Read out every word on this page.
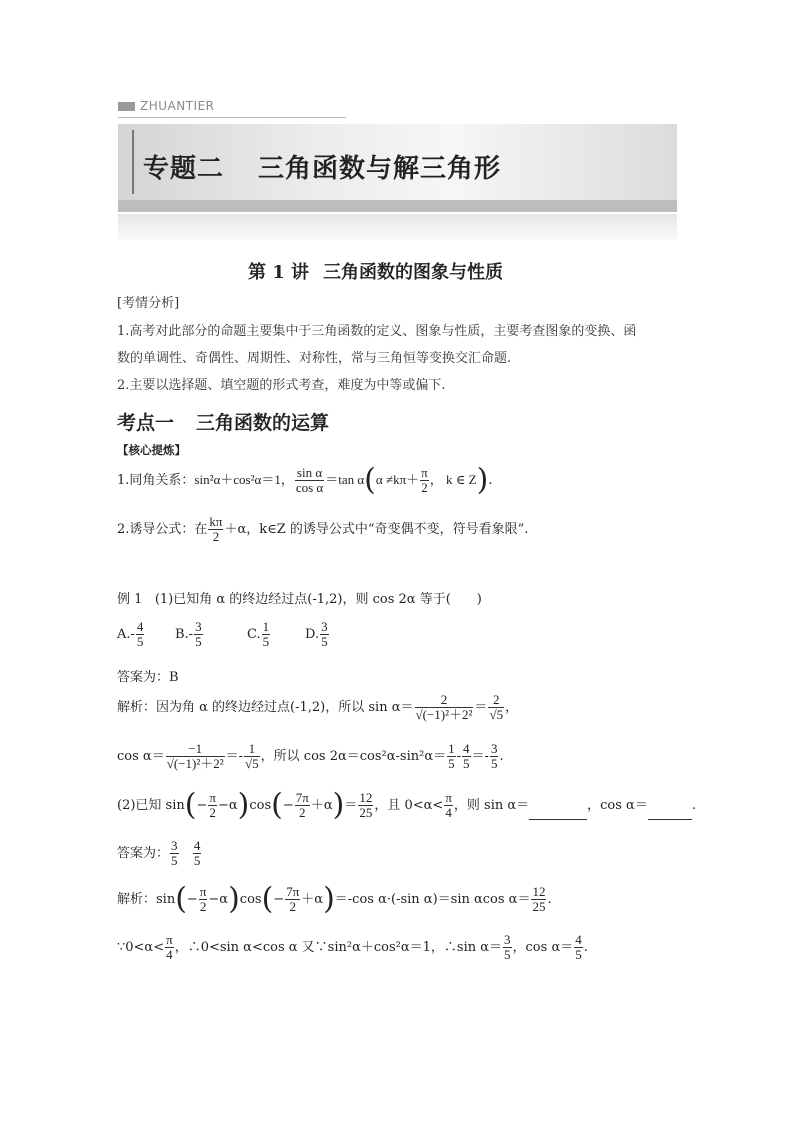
ZHUANTIER
专题二 三角函数与解三角形
第 1 讲 三角函数的图象与性质
[考情分析]
1.高考对此部分的命题主要集中于三角函数的定义、图象与性质，主要考查图象的变换、函
数的单调性、奇偶性、周期性、对称性，常与三角恒等变换交汇命题.
2.主要以选择题、填空题的形式考查，难度为中等或偏下.
考点一 三角函数的运算
【核心提炼】
1.同角关系：sin²α＋cos²α＝1， $\frac{\text{sin α}}{\text{cos α}} =\tan$ $\alpha(\alpha \ne k\pi+ \frac{\pi}{2}$ ， k ∈ Z).
2.诱导公式：在 $\frac{k\pi}{2} +\alpha$，k∈Z 的诱导公式中“奇变偶不变，符号看象限”.
例 1 (1)已知角 α 的终边经过点(-1,2)，则 cos 2α 等于(　　)
$A.- \frac{4}{5} B.- \frac{3}{5}$	C. $\frac{1}{5}$	D. $\frac{3}{5}$
答案为：B
解析：因为角 α 的终边经过点(-1,2)，所以 $\sin \alpha= \frac{2}{\text{√(−1)²＋2²}} = \frac{2}{√5}$ ，
$\cos \alpha= \frac{-1}{\text{√(−1)²＋2²}} =- \frac{1}{√5}$ ，所以 $\cos 2\alpha=\cos^2\alpha-\sin^2\alpha= \frac{1}{5} - \frac{4}{5} =- \frac{3}{5}$ .
(2)已知 $\sin(- \frac{\pi}{2} -\alpha)\cos(- \frac{7\pi}{2} +\alpha)= \frac{12}{25}$ ，且 $0<\alpha< \frac{\pi}{4}$ ，则 sin α＝	，cos α＝	.
答案为： $\frac{3}{5}$
$\frac{4}{5}$
解析：$\sin(- \frac{\pi}{2} -\alpha)\cos(- \frac{7\pi}{2} +\alpha)=-\cos$ α·(-sin α)＝sin αcos $\alpha= \frac{12}{25}$ .
∵0<α< $\frac{\pi}{4}$ ，∴0<sin α<cos α 又∵sin²α＋cos²α＝1，∴sin $\alpha= \frac{3}{5}$ ，$\cos \alpha= \frac{4}{5}$ .
